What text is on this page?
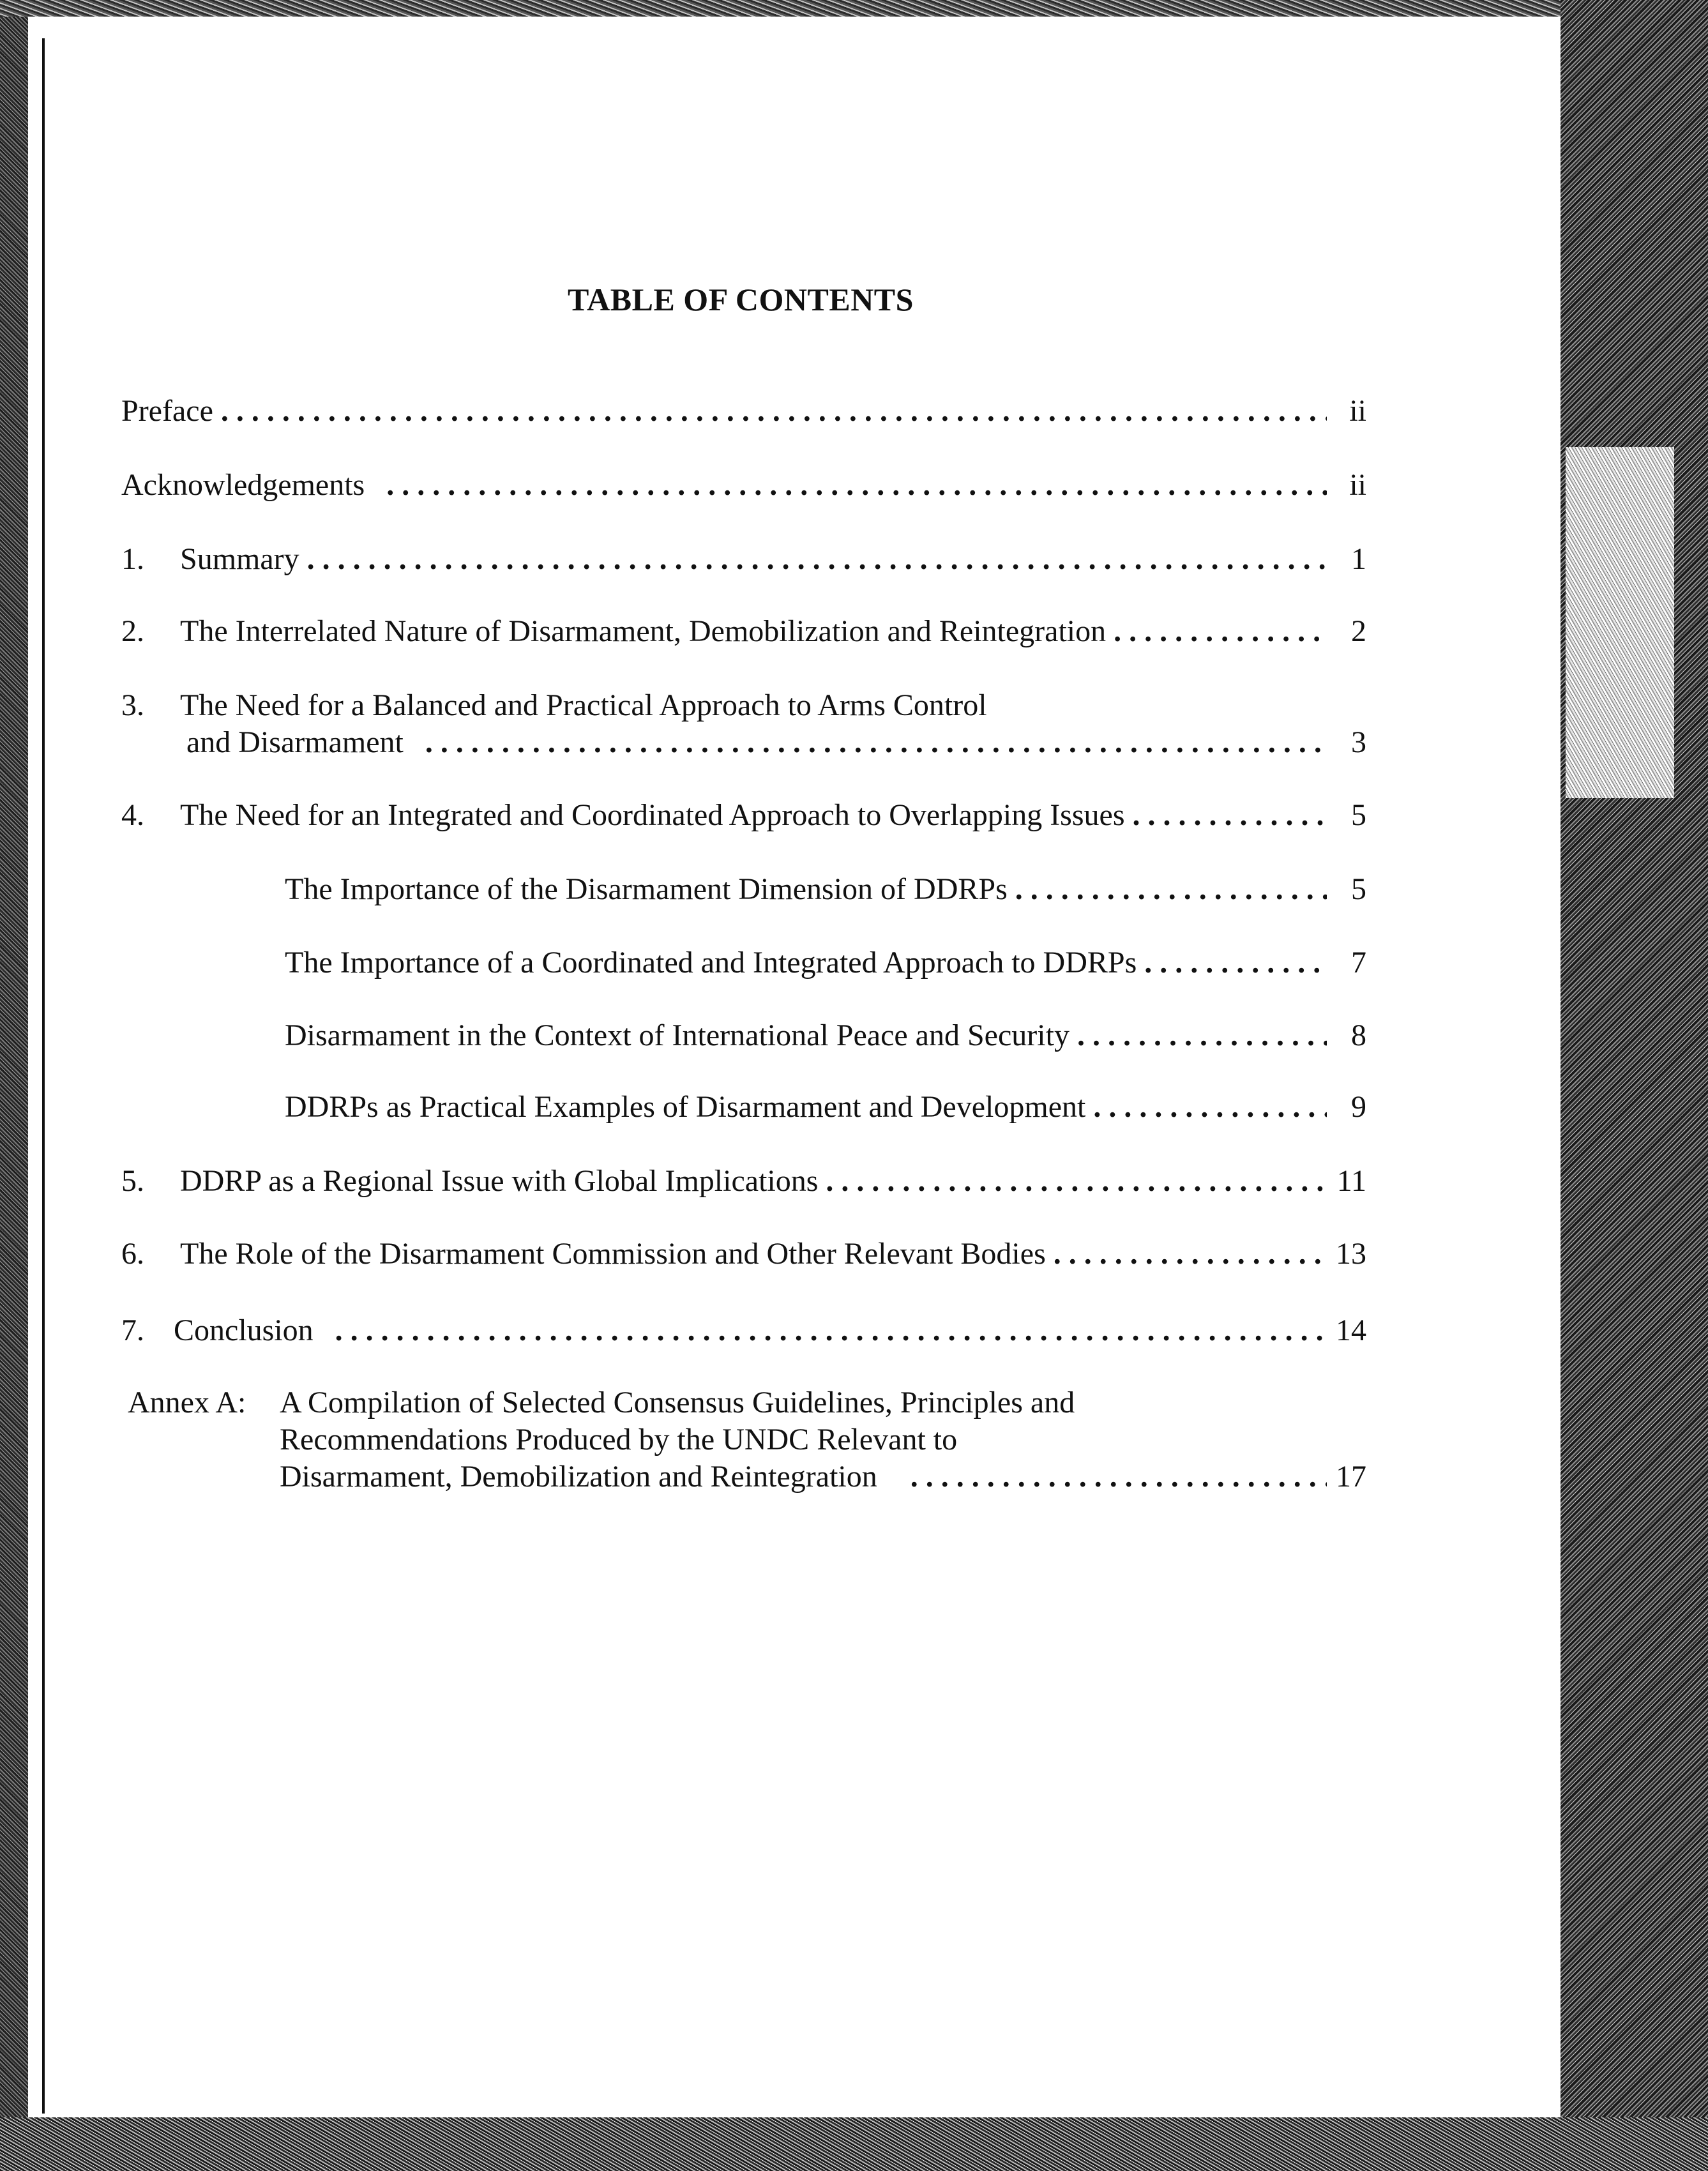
TABLE OF CONTENTS
Preface . . .	ii
Acknowledgements . . .	ii
1. Summary . . .	1
2. The Interrelated Nature of Disarmament, Demobilization and Reintegration . . .	2
3. The Need for a Balanced and Practical Approach to Arms Control
and Disarmament . . .	3
4. The Need for an Integrated and Coordinated Approach to Overlapping Issues . . .	5
The Importance of the Disarmament Dimension of DDRPs . . .	5
The Importance of a Coordinated and Integrated Approach to DDRPs . . .	7
Disarmament in the Context of International Peace and Security . . .	8
DDRPs as Practical Examples of Disarmament and Development . . .	9
5. DDRP as a Regional Issue with Global Implications . . .	11
6. The Role of the Disarmament Commission and Other Relevant Bodies . . .	13
7. Conclusion . . .	14
Annex A: A Compilation of Selected Consensus Guidelines, Principles and
Recommendations Produced by the UNDC Relevant to
Disarmament, Demobilization and Reintegration . . .	17
